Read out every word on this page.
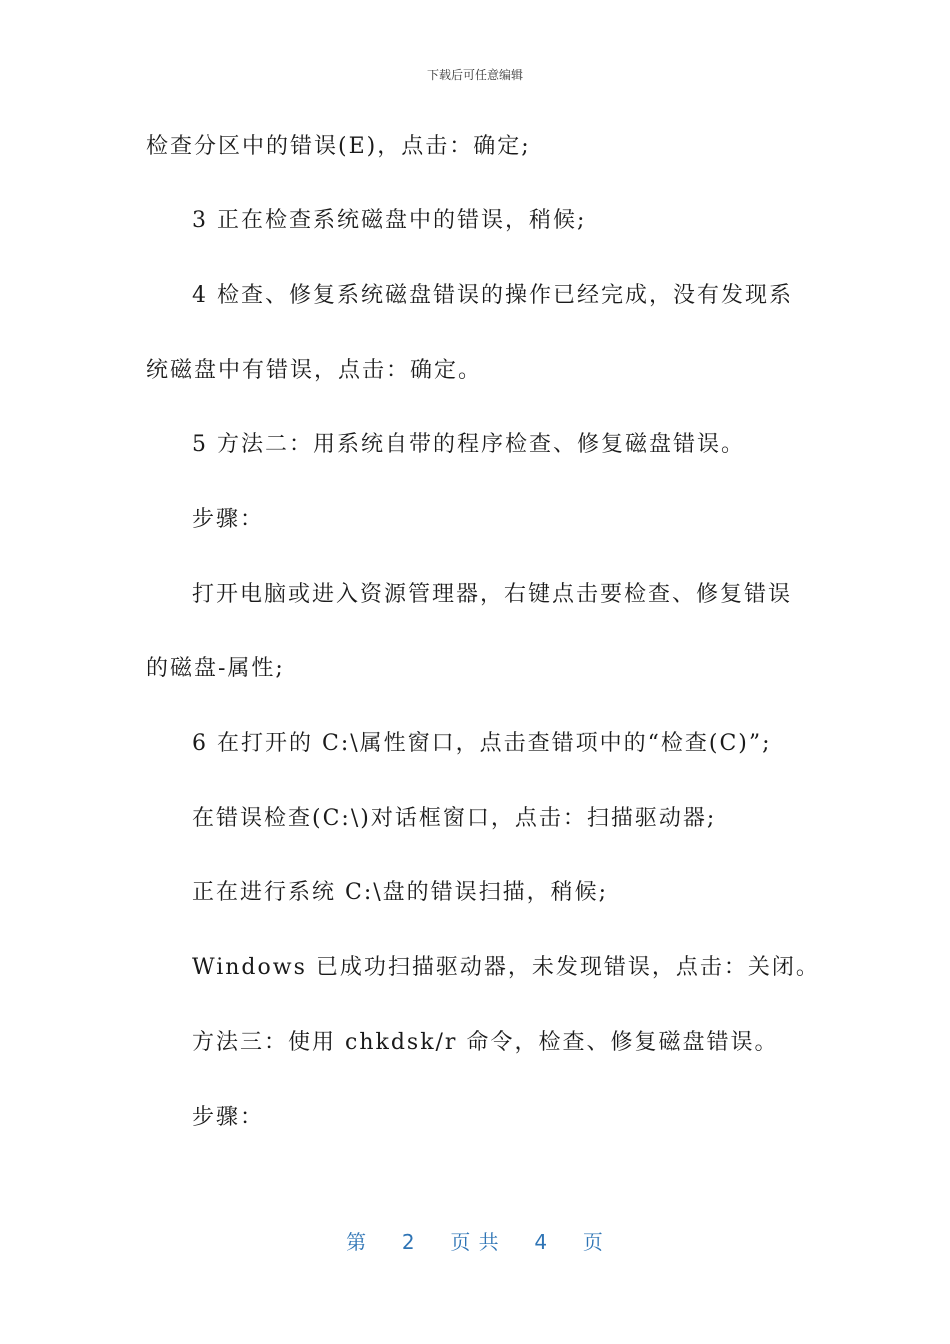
下载后可任意编辑
检查分区中的错误(E)，点击：确定;
3 正在检查系统磁盘中的错误，稍候;
4 检查、修复系统磁盘错误的操作已经完成，没有发现系
统磁盘中有错误，点击：确定。
5 方法二：用系统自带的程序检查、修复磁盘错误。
步骤：
打开电脑或进入资源管理器，右键点击要检查、修复错误
的磁盘-属性;
6 在打开的 C:\属性窗口，点击查错项中的“检查(C)”;
在错误检查(C:\)对话框窗口，点击：扫描驱动器;
正在进行系统 C:\盘的错误扫描，稍候;
Windows 已成功扫描驱动器，未发现错误，点击：关闭。
方法三：使用 chkdsk/r 命令，检查、修复磁盘错误。
步骤：
第 2 页 共 4 页
